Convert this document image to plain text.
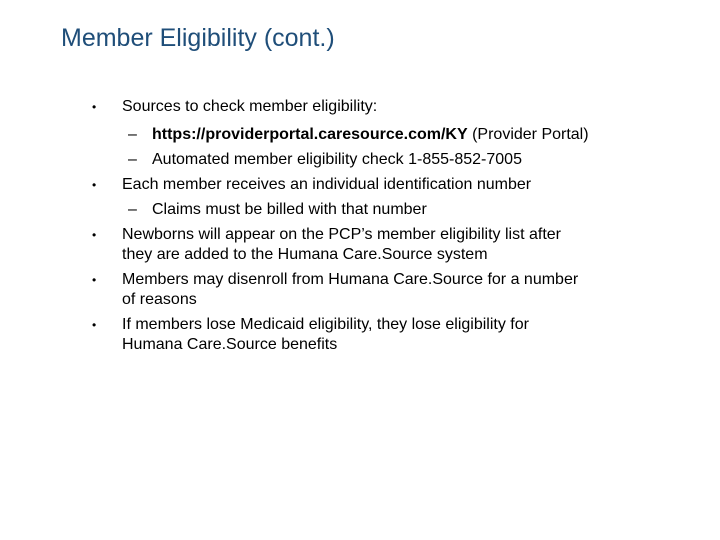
Member Eligibility (cont.)
• Sources to check member eligibility:
– https://providerportal.caresource.com/KY (Provider Portal)
– Automated member eligibility check 1-855-852-7005
• Each member receives an individual identification number
– Claims must be billed with that number
• Newborns will appear on the PCP’s member eligibility list after
they are added to the Humana Care.Source system
• Members may disenroll from Humana Care.Source for a number
of reasons
• If members lose Medicaid eligibility, they lose eligibility for
Humana Care.Source benefits
